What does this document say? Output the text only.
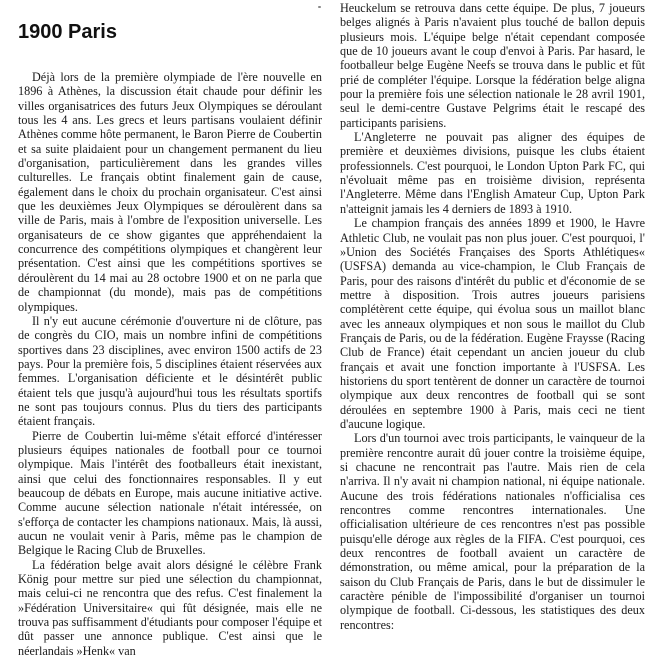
1900 Paris

Déjà lors de la première olympiade de l'ère nouvelle en 1896 à Athènes, la discussion était chaude pour définir les villes organisatrices des futurs Jeux Olympiques se déroulant tous les 4 ans. Les grecs et leurs partisans voulaient définir Athènes comme hôte permanent, le Baron Pierre de Coubertin et sa suite plaidaient pour un changement permanent du lieu d'organisation, particulièrement dans les grandes villes culturelles. Le français obtint finalement gain de cause, également dans le choix du prochain organisateur. C'est ainsi que les deuxièmes Jeux Olympiques se déroulèrent dans sa ville de Paris, mais à l'ombre de l'exposition universelle. Les organisateurs de ce show gigantes que appréhendaient la concurrence des compétitions olympiques et changèrent leur présentation. C'est ainsi que les compétitions sportives se déroulèrent du 14 mai au 28 octobre 1900 et on ne parla que de championnat (du monde), mais pas de compétitions olympiques.

Il n'y eut aucune cérémonie d'ouverture ni de clôture, pas de congrès du CIO, mais un nombre infini de compétitions sportives dans 23 disciplines, avec environ 1500 actifs de 23 pays. Pour la première fois, 5 disciplines étaient réservées aux femmes. L'organisation déficiente et le désintérêt public étaient tels que jusqu'à aujourd'hui tous les résultats sportifs ne sont pas toujours connus. Plus du tiers des participants étaient français.

Pierre de Coubertin lui-même s'était efforcé d'intéresser plusieurs équipes nationales de football pour ce tournoi olympique. Mais l'intérêt des footballeurs était inexistant, ainsi que celui des fonctionnaires responsables. Il y eut beaucoup de débats en Europe, mais aucune initiative active. Comme aucune sélection nationale n'était intéressée, on s'efforça de contacter les champions nationaux. Mais, là aussi, aucun ne voulait venir à Paris, même pas le champion de Belgique le Racing Club de Bruxelles.

La fédération belge avait alors désigné le célèbre Frank König pour mettre sur pied une sélection du championnat, mais celui-ci ne rencontra que des refus. C'est finalement la »Fédération Universitaire« qui fût désignée, mais elle ne trouva pas suffisamment d'étudiants pour composer l'équipe et dût passer une annonce publique. C'est ainsi que le néerlandais »Henk« van

Heuckelum se retrouva dans cette équipe. De plus, 7 joueurs belges alignés à Paris n'avaient plus touché de ballon depuis plusieurs mois. L'équipe belge n'était cependant composée que de 10 joueurs avant le coup d'envoi à Paris. Par hasard, le footballeur belge Eugène Neefs se trouva dans le public et fût prié de compléter l'équipe. Lorsque la fédération belge aligna pour la première fois une sélection nationale le 28 avril 1901, seul le demi-centre Gustave Pelgrims était le rescapé des participants parisiens.

L'Angleterre ne pouvait pas aligner des équipes de première et deuxièmes divisions, puisque les clubs étaient professionnels. C'est pourquoi, le London Upton Park FC, qui n'évoluait même pas en troisième division, représenta l'Angleterre. Même dans l'English Amateur Cup, Upton Park n'atteignit jamais les 4 derniers de 1893 à 1910.

Le champion français des années 1899 et 1900, le Havre Athletic Club, ne voulait pas non plus jouer. C'est pourquoi, l' »Union des Sociétés Françaises des Sports Athlétiques« (USFSA) demanda au vice-champion, le Club Français de Paris, pour des raisons d'intérêt du public et d'économie de se mettre à disposition. Trois autres joueurs parisiens complétèrent cette équipe, qui évolua sous un maillot blanc avec les anneaux olympiques et non sous le maillot du Club Français de Paris, ou de la fédération. Eugène Fraysse (Racing Club de France) était cependant un ancien joueur du club français et avait une fonction importante à l'USFSA. Les historiens du sport tentèrent de donner un caractère de tournoi olympique aux deux rencontres de football qui se sont déroulées en septembre 1900 à Paris, mais ceci ne tient d'aucune logique.

Lors d'un tournoi avec trois participants, le vainqueur de la première rencontre aurait dû jouer contre la troisième équipe, si chacune ne rencontrait pas l'autre. Mais rien de cela n'arriva. Il n'y avait ni champion national, ni équipe nationale. Aucune des trois fédérations nationales n'officialisa ces rencontres comme rencontres internationales. Une officialisation ultérieure de ces rencontres n'est pas possible puisqu'elle déroge aux règles de la FIFA. C'est pourquoi, ces deux rencontres de football avaient un caractère de démonstration, ou même amical, pour la préparation de la saison du Club Français de Paris, dans le but de dissimuler le caractère pénible de l'impossibilité d'organiser un tournoi olympique de football. Ci-dessous, les statistiques des deux rencontres:
